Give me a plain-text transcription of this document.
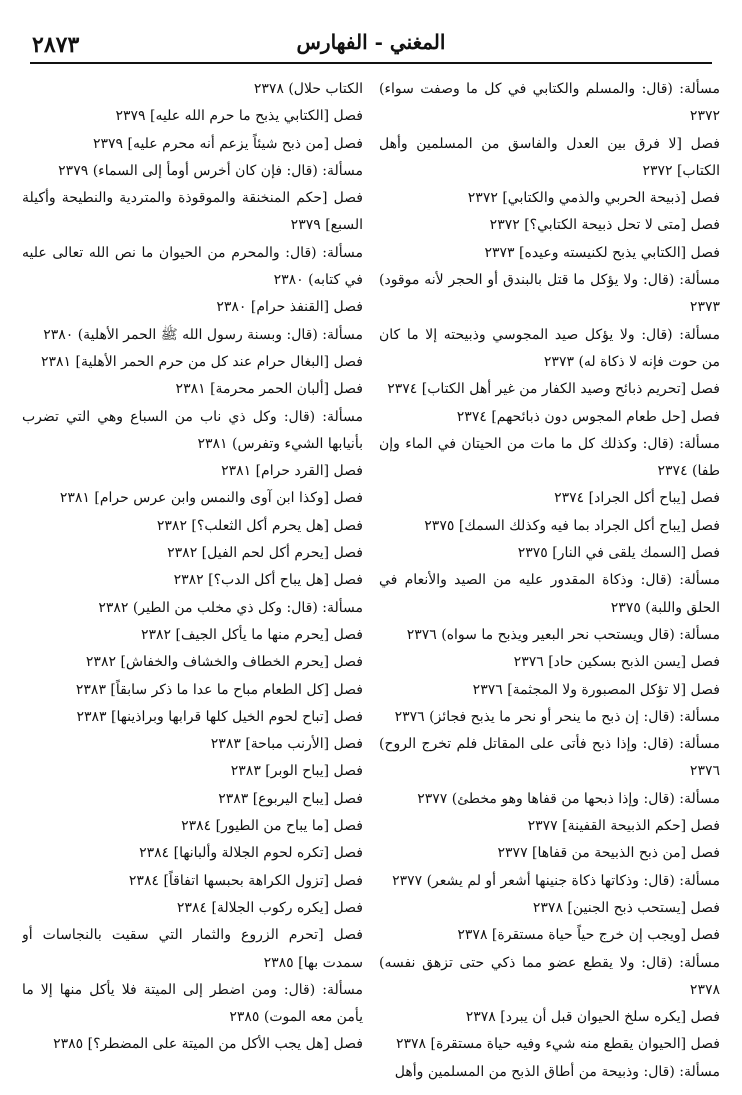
المغني - الفهارس
٢٨٧٣
مسألة: (قال: والمسلم والكتابي في كل ما وصفت سواء) ٢٣٧٢
فصل [لا فرق بين العدل والفاسق من المسلمين وأهل الكتاب] ٢٣٧٢
فصل [ذبيحة الحربي والذمي والكتابي] ٢٣٧٢
فصل [متى لا تحل ذبيحة الكتابي؟] ٢٣٧٢
فصل [الكتابي يذبح لكنيسته وعيده] ٢٣٧٣
مسألة: (قال: ولا يؤكل ما قتل بالبندق أو الحجر لأنه موقود) ٢٣٧٣
مسألة: (قال: ولا يؤكل صيد المجوسي وذبيحته إلا ما كان من حوت فإنه لا ذكاة له) ٢٣٧٣
فصل [تحريم ذبائح وصيد الكفار من غير أهل الكتاب] ٢٣٧٤
فصل [حل طعام المجوس دون ذبائحهم] ٢٣٧٤
مسألة: (قال: وكذلك كل ما مات من الحيتان في الماء وإن طفا) ٢٣٧٤
فصل [يباح أكل الجراد] ٢٣٧٤
فصل [يباح أكل الجراد بما فيه وكذلك السمك] ٢٣٧٥
فصل [السمك يلقى في النار] ٢٣٧٥
مسألة: (قال: وذكاة المقدور عليه من الصيد والأنعام في الحلق واللبة) ٢٣٧٥
مسألة: (قال ويستحب نحر البعير ويذبح ما سواه) ٢٣٧٦
فصل [يسن الذبح بسكين حاد] ٢٣٧٦
فصل [لا تؤكل المصبورة ولا المجثمة] ٢٣٧٦
مسألة: (قال: إن ذبح ما ينحر أو نحر ما يذبح فجائز) ٢٣٧٦
مسألة: (قال: وإذا ذبح فأتى على المقاتل فلم تخرج الروح) ٢٣٧٦
مسألة: (قال: وإذا ذبحها من قفاها وهو مخطئ) ٢٣٧٧
فصل [حكم الذبيحة القفينة] ٢٣٧٧
فصل [من ذبح الذبيحة من قفاها] ٢٣٧٧
مسألة: (قال: وذكاتها ذكاة جنينها أشعر أو لم يشعر) ٢٣٧٧
فصل [يستحب ذبح الجنين] ٢٣٧٨
فصل [ويجب إن خرج حياً حياة مستقرة] ٢٣٧٨
مسألة: (قال: ولا يقطع عضو مما ذكي حتى تزهق نفسه) ٢٣٧٨
فصل [يكره سلخ الحيوان قبل أن يبرد] ٢٣٧٨
فصل [الحيوان يقطع منه شيء وفيه حياة مستقرة] ٢٣٧٨
مسألة: (قال: وذبيحة من أطاق الذبح من المسلمين وأهل
الكتاب حلال) ٢٣٧٨
فصل [الكتابي يذبح ما حرم الله عليه] ٢٣٧٩
فصل [من ذبح شيئاً يزعم أنه محرم عليه] ٢٣٧٩
مسألة: (قال: فإن كان أخرس أومأ إلى السماء) ٢٣٧٩
فصل [حكم المنخنقة والموقوذة والمتردية والنطيحة وأكيلة السبع] ٢٣٧٩
مسألة: (قال: والمحرم من الحيوان ما نص الله تعالى عليه في كتابه) ٢٣٨٠
فصل [القنفذ حرام] ٢٣٨٠
مسألة: (قال: وبسنة رسول الله ﷺ الحمر الأهلية) ٢٣٨٠
فصل [البغال حرام عند كل من حرم الحمر الأهلية] ٢٣٨١
فصل [ألبان الحمر محرمة] ٢٣٨١
مسألة: (قال: وكل ذي ناب من السباع وهي التي تضرب بأنيابها الشيء وتفرس) ٢٣٨١
فصل [القرد حرام] ٢٣٨١
فصل [وكذا ابن آوى والنمس وابن عرس حرام] ٢٣٨١
فصل [هل يحرم أكل الثعلب؟] ٢٣٨٢
فصل [يحرم أكل لحم الفيل] ٢٣٨٢
فصل [هل يباح أكل الدب؟] ٢٣٨٢
مسألة: (قال: وكل ذي مخلب من الطير) ٢٣٨٢
فصل [يحرم منها ما يأكل الجيف] ٢٣٨٢
فصل [يحرم الخطاف والخشاف والخفاش] ٢٣٨٢
فصل [كل الطعام مباح ما عدا ما ذكر سابقاً] ٢٣٨٣
فصل [تباح لحوم الخيل كلها قرابها وبراذينها] ٢٣٨٣
فصل [الأرنب مباحة] ٢٣٨٣
فصل [يباح الوبر] ٢٣٨٣
فصل [يباح اليربوع] ٢٣٨٣
فصل [ما يباح من الطيور] ٢٣٨٤
فصل [تكره لحوم الجلالة وألبانها] ٢٣٨٤
فصل [تزول الكراهة بحبسها اتفاقاً] ٢٣٨٤
فصل [يكره ركوب الجلالة] ٢٣٨٤
فصل [تحرم الزروع والثمار التي سقيت بالنجاسات أو سمدت بها] ٢٣٨٥
مسألة: (قال: ومن اضطر إلى الميتة فلا يأكل منها إلا ما يأمن معه الموت) ٢٣٨٥
فصل [هل يجب الأكل من الميتة على المضطر؟] ٢٣٨٥
